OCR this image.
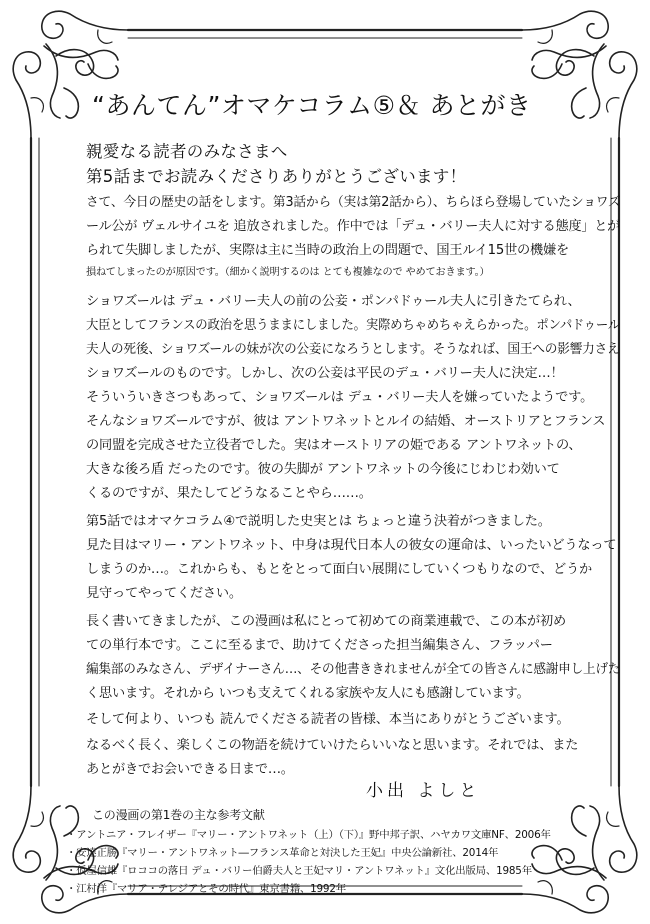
“あんてん”オマケコラム⑤＆ あとがき
親愛なる読者のみなさまへ
第5話までお読みくださりありがとうございます！
さて、今日の歴史の話をします。第3話から（実は第2話から）、ちらほら登場していたショワズ
ール公が ヴェルサイユを 追放されました。作中では「デュ・バリー夫人に対する態度」とが
られて失脚しましたが、実際は主に当時の政治上の問題で、国王ルイ15世の機嫌を
損ねてしまったのが原因です。（細かく説明するのは とても複雑なので やめておきます。）
ショワズールは デュ・バリー夫人の前の公妾・ポンパドゥール夫人に引きたてられ、
大臣としてフランスの政治を思うままにしました。実際めちゃめちゃえらかった。ポンパドゥール
夫人の死後、ショワズールの妹が次の公妾になろうとします。そうなれば、国王への影響力さえ
ショワズールのものです。しかし、次の公妾は平民のデュ・バリー夫人に決定…！
そういういきさつもあって、ショワズールは デュ・バリー夫人を嫌っていたようです。
そんなショワズールですが、彼は アントワネットとルイの結婚、オーストリアとフランス
の同盟を完成させた立役者でした。実はオーストリアの姫である アントワネットの、
大きな後ろ盾 だったのです。彼の失脚が アントワネットの今後にじわじわ効いて
くるのですが、果たしてどうなることやら……。
第5話ではオマケコラム④で説明した史実とは ちょっと違う決着がつきました。
見た目はマリー・アントワネット、中身は現代日本人の彼女の運命は、いったいどうなって
しまうのか…。これからも、もとをとって面白い展開にしていくつもりなので、どうか
見守ってやってください。
長く書いてきましたが、この漫画は私にとって初めての商業連載で、この本が初め
ての単行本です。ここに至るまで、助けてくださった担当編集さん、フラッパー
編集部のみなさん、デザイナーさん…、その他書ききれませんが全ての皆さんに感謝申し上げた
く思います。それから いつも支えてくれる家族や友人にも感謝しています。
そして何より、いつも 読んでくださる読者の皆様、本当にありがとうございます。
なるべく長く、楽しくこの物語を続けていけたらいいなと思います。それでは、また
あとがきでお会いできる日まで…。
小出 よしと
この漫画の第1巻の主な参考文献
・アントニア・フレイザー『マリー・アントワネット（上）（下）』野中邦子訳、ハヤカワ文庫NF、2006年
・安達正勝『マリー・アントワネット―フランス革命と対決した王妃』中央公論新社、2014年
・仮屋信雄『ロココの落日 デュ・バリー伯爵夫人と王妃マリ・アントワネット』文化出版局、1985年
・江村洋『マリア・テレジアとその時代』東京書籍、1992年
